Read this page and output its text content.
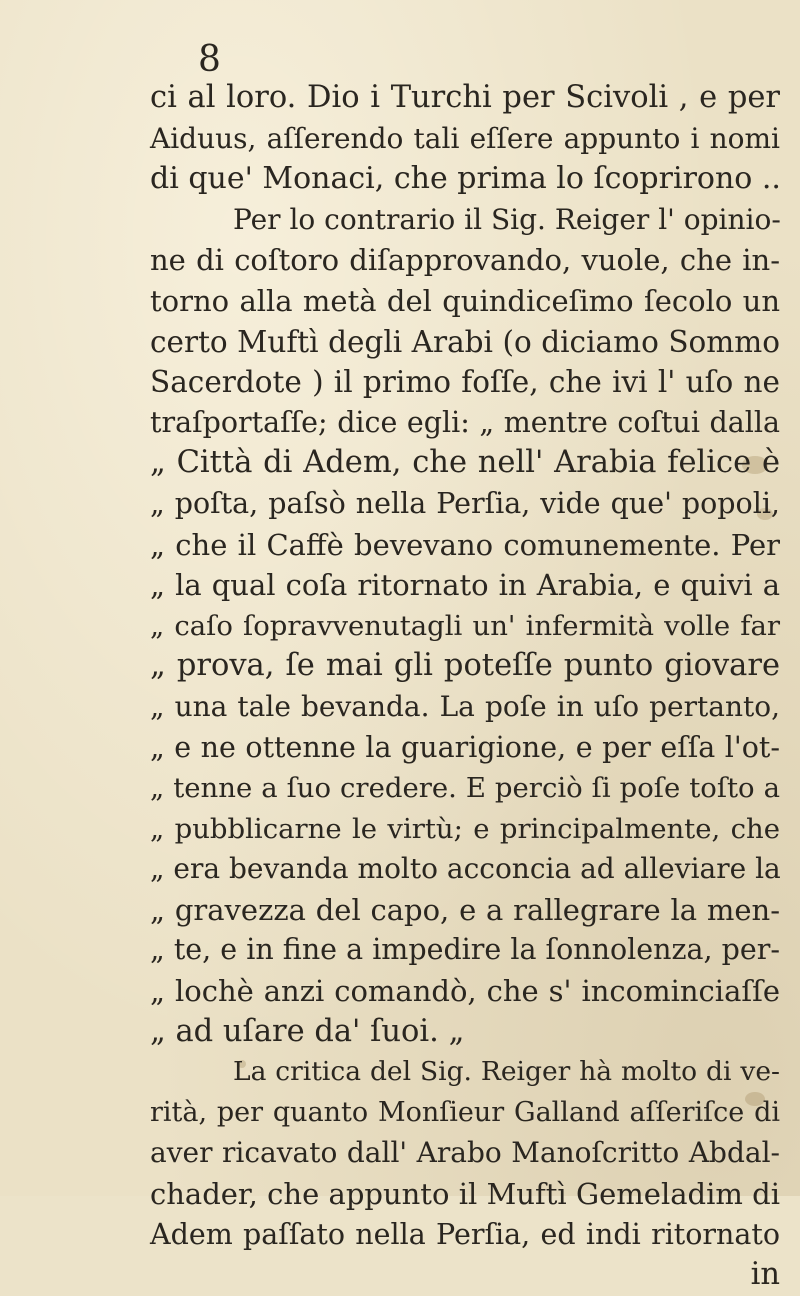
8
ci al loro. Dio i Turchi per Scivoli , e per
Aiduus, aſſerendo tali eſſere appunto i nomi
di que' Monaci, che prima lo ſcoprirono ..
Per lo contrario il Sig. Reiger l' opinio-
ne di coſtoro diſapprovando, vuole, che in-
torno alla metà del quindiceſimo ſecolo un
certo Muftì degli Arabi (o diciamo Sommo
Sacerdote ) il primo foſſe, che ivi l' uſo ne
traſportaſſe; dice egli: „ mentre coſtui dalla
„ Città di Adem, che nell' Arabia felice è
„ poſta, paſsò nella Perſia, vide que' popoli,
„ che il Caffè bevevano comunemente. Per
„ la qual coſa ritornato in Arabia, e quivi a
„ caſo ſopravvenutagli un' infermità volle far
„ prova, ſe mai gli poteſſe punto giovare
„ una tale bevanda. La poſe in uſo pertanto,
„ e ne ottenne la guarigione, e per eſſa l'ot-
„ tenne a ſuo credere. E perciò ſi poſe toſto a
„ pubblicarne le virtù; e principalmente, che
„ era bevanda molto acconcia ad alleviare la
„ gravezza del capo, e a rallegrare la men-
„ te, e in fine a impedire la ſonnolenza, per-
„ lochè anzi comandò, che s' incominciaſſe
„ ad uſare da' ſuoi. „
La critica del Sig. Reiger hà molto di ve-
rità, per quanto Monſieur Galland aſſeriſce di
aver ricavato dall' Arabo Manoſcritto Abdal-
chader, che appunto il Muftì Gemeladim di
Adem paſſato nella Perſia, ed indi ritornato
in
